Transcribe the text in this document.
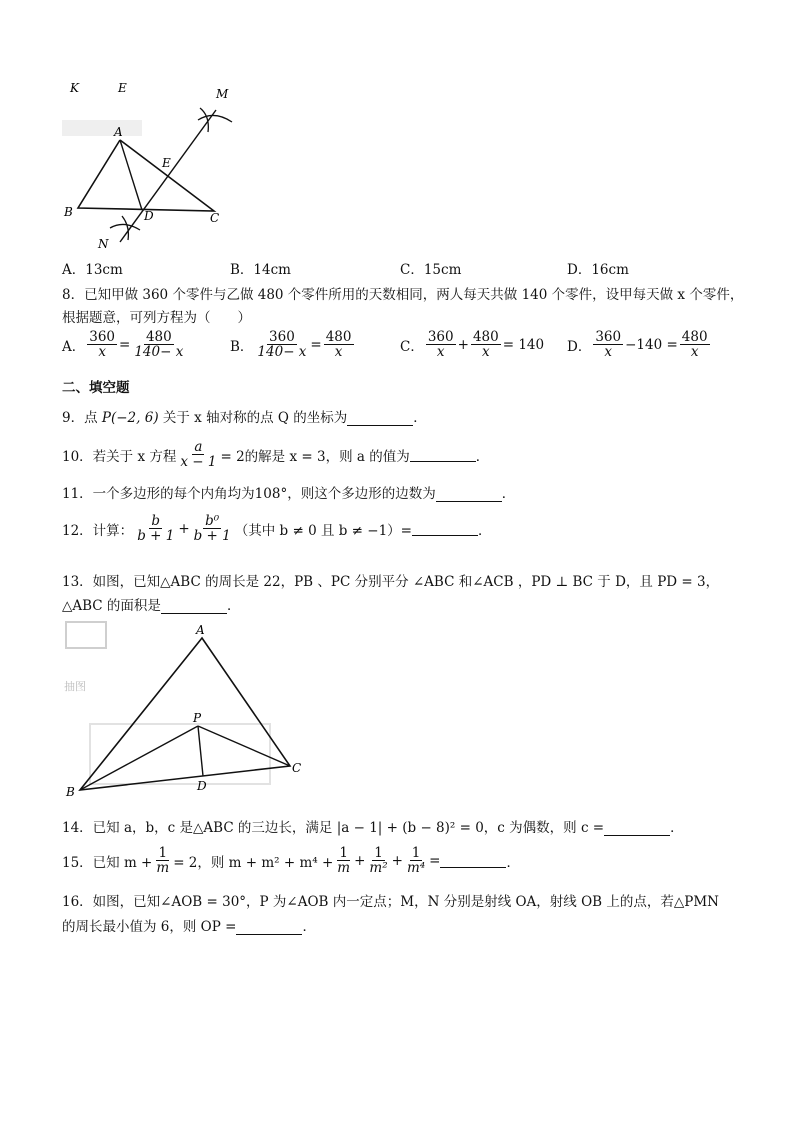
A
B	C
D
E
M
N
K	E
A．13cm	B．14cm	C．15cm	D．16cm
8．已知甲做 360 个零件与乙做 480 个零件所用的天数相同，两人每天共做 140 个零件，设甲每天做 x 个零件，
根据题意，可列方程为（　　）
A． $\frac{360}{x} = \frac{480}{140- x}$	B． $\frac{360}{140- x} = \frac{480}{x}$	C． $\frac{360}{x} + \frac{480}{x} = 140$ D． $\frac{360}{x} -140 = \frac{480}{x}$
二、填空题
9．点 P(−2, 6) 关于 x 轴对称的点 Q 的坐标为	．
10．若关于 x 方程 $\frac{a}{x - 1} = 2$的解是 x = 3，则 a 的值为	．
11．一个多边形的每个内角均为108°，则这个多边形的边数为	．
12．计算： $\frac{b}{b + 1} + \frac{\text{b⁰}}{b + 1}$ （其中 b ≠ 0 且 b ≠ −1）=	．
13．如图，已知△ABC 的周长是 22，PB 、PC 分别平分 ∠ABC 和∠ACB ，PD ⊥ BC 于 D，且 PD = 3，
△ABC 的面积是	．
抽图
A
B
C
D
P
14．已知 a，b，c 是△ABC 的三边长，满足 |a − 1| + (b − 8)² = 0，c 为偶数，则 c =	．
15．已知 $m + \frac{1}{m} = 2$，则 $m + m^2 + m^4 + \frac{1}{m} + \frac{1}{\text{m²}} + \frac{1}{\text{m⁴}}$ =	．
16．如图，已知∠AOB = 30°，P 为∠AOB 内一定点；M，N 分别是射线 OA，射线 OB 上的点，若△PMN
的周长最小值为 6，则 OP =	．
